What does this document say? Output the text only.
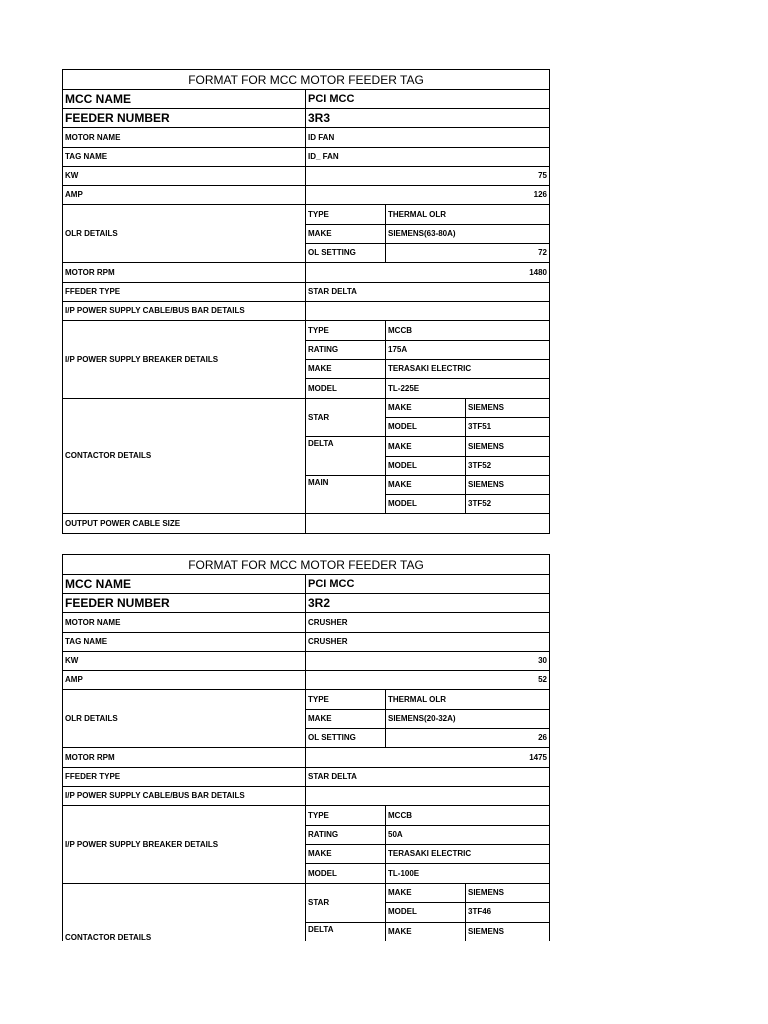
FORMAT FOR MCC MOTOR FEEDER TAG			
MCC NAME	PCI MCC		
FEEDER NUMBER	3R3		
MOTOR NAME	ID FAN		
TAG NAME	ID_ FAN		
KW	75		
AMP	126		
OLR DETAILS	TYPE	THERMAL OLR	
	MAKE	SIEMENS(63-80A)	
	OL SETTING	72	
MOTOR RPM	1480		
FFEDER TYPE	STAR DELTA		
I/P POWER SUPPLY CABLE/BUS BAR DETAILS			
I/P POWER SUPPLY BREAKER DETAILS	TYPE	MCCB	
	RATING	175A	
	MAKE	TERASAKI ELECTRIC	
	MODEL	TL-225E	
CONTACTOR DETAILS	STAR	MAKE	SIEMENS
		MODEL	3TF51
	DELTA	MAKE	SIEMENS
		MODEL	3TF52
	MAIN	MAKE	SIEMENS
		MODEL	3TF52
OUTPUT POWER CABLE SIZE			
FORMAT FOR MCC MOTOR FEEDER TAG			
MCC NAME	PCI MCC		
FEEDER NUMBER	3R2		
MOTOR NAME	CRUSHER		
TAG NAME	CRUSHER		
KW	30		
AMP	52		
OLR DETAILS	TYPE	THERMAL OLR	
	MAKE	SIEMENS(20-32A)	
	OL SETTING	26	
MOTOR RPM	1475		
FFEDER TYPE	STAR DELTA		
I/P POWER SUPPLY CABLE/BUS BAR DETAILS			
I/P POWER SUPPLY BREAKER DETAILS	TYPE	MCCB	
	RATING	50A	
	MAKE	TERASAKI ELECTRIC	
	MODEL	TL-100E	
CONTACTOR DETAILS	STAR	MAKE	SIEMENS
		MODEL	3TF46
	DELTA	MAKE	SIEMENS
